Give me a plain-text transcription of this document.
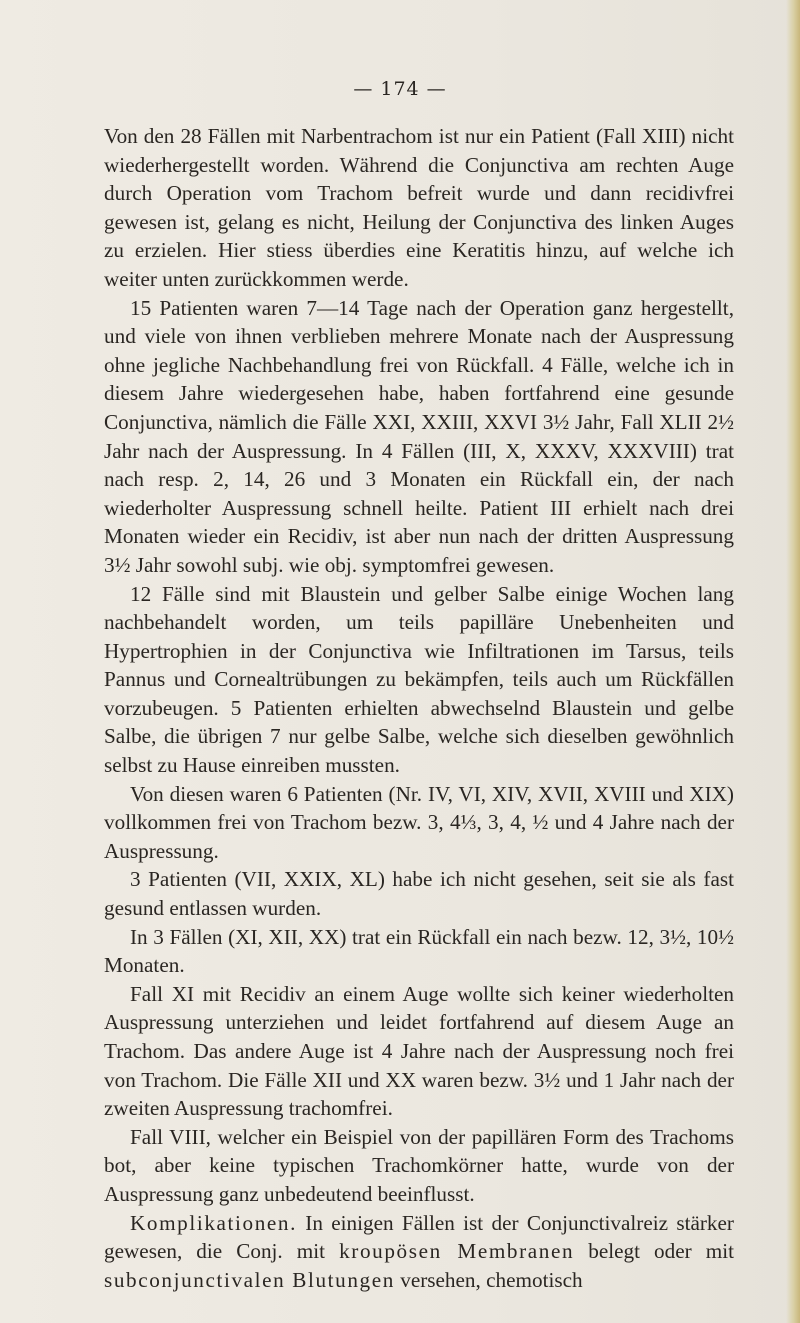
— 174 —

Von den 28 Fällen mit Narbentrachom ist nur ein Patient (Fall XIII) nicht wiederhergestellt worden. Während die Conjunctiva am rechten Auge durch Operation vom Trachom befreit wurde und dann recidivfrei gewesen ist, gelang es nicht, Heilung der Conjunctiva des linken Auges zu erzielen. Hier stiess überdies eine Keratitis hinzu, auf welche ich weiter unten zurückkommen werde.

15 Patienten waren 7—14 Tage nach der Operation ganz hergestellt, und viele von ihnen verblieben mehrere Monate nach der Auspressung ohne jegliche Nachbehandlung frei von Rückfall. 4 Fälle, welche ich in diesem Jahre wiedergesehen habe, haben fortfahrend eine gesunde Conjunctiva, nämlich die Fälle XXI, XXIII, XXVI 3½ Jahr, Fall XLII 2½ Jahr nach der Auspressung. In 4 Fällen (III, X, XXXV, XXXVIII) trat nach resp. 2, 14, 26 und 3 Monaten ein Rückfall ein, der nach wiederholter Auspressung schnell heilte. Patient III erhielt nach drei Monaten wieder ein Recidiv, ist aber nun nach der dritten Auspressung 3½ Jahr sowohl subj. wie obj. symptomfrei gewesen.

12 Fälle sind mit Blaustein und gelber Salbe einige Wochen lang nachbehandelt worden, um teils papilläre Unebenheiten und Hypertrophien in der Conjunctiva wie Infiltrationen im Tarsus, teils Pannus und Cornealtrübungen zu bekämpfen, teils auch um Rückfällen vorzubeugen. 5 Patienten erhielten abwechselnd Blaustein und gelbe Salbe, die übrigen 7 nur gelbe Salbe, welche sich dieselben gewöhnlich selbst zu Hause einreiben mussten.

Von diesen waren 6 Patienten (Nr. IV, VI, XIV, XVII, XVIII und XIX) vollkommen frei von Trachom bezw. 3, 4⅓, 3, 4, ½ und 4 Jahre nach der Auspressung.

3 Patienten (VII, XXIX, XL) habe ich nicht gesehen, seit sie als fast gesund entlassen wurden.

In 3 Fällen (XI, XII, XX) trat ein Rückfall ein nach bezw. 12, 3½, 10½ Monaten.

Fall XI mit Recidiv an einem Auge wollte sich keiner wiederholten Auspressung unterziehen und leidet fortfahrend auf diesem Auge an Trachom. Das andere Auge ist 4 Jahre nach der Auspressung noch frei von Trachom. Die Fälle XII und XX waren bezw. 3½ und 1 Jahr nach der zweiten Auspressung trachomfrei.

Fall VIII, welcher ein Beispiel von der papillären Form des Trachoms bot, aber keine typischen Trachomkörner hatte, wurde von der Auspressung ganz unbedeutend beeinflusst.

Komplikationen. In einigen Fällen ist der Conjunctivalreiz stärker gewesen, die Conj. mit kroupösen Membranen belegt oder mit subconjunctivalen Blutungen versehen, chemotisch
